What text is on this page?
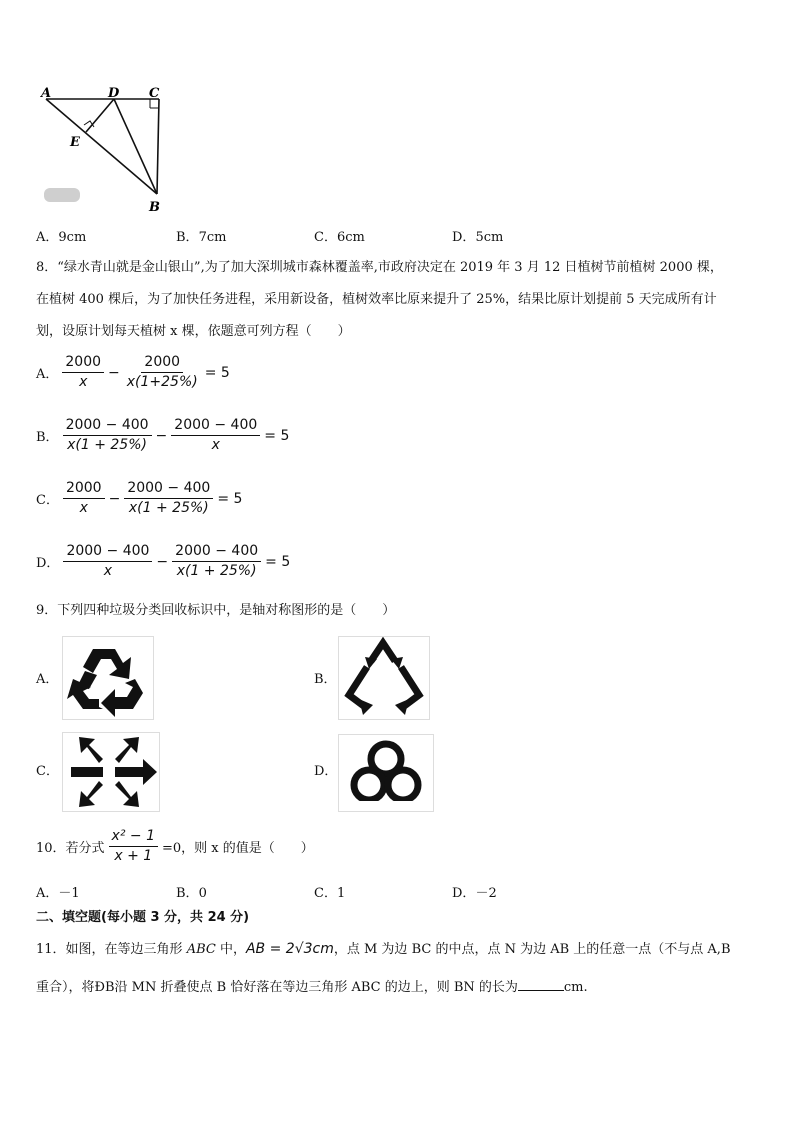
A	D C
E
B
A．9cm	B．7cm	C．6cm	D．5cm
8．“绿水青山就是金山银山”,为了加大深圳城市森林覆盖率,市政府决定在 2019 年 3 月 12 日植树节前植树 2000 棵，
在植树 400 棵后，为了加快任务进程，采用新设备，植树效率比原来提升了 25%，结果比原计划提前 5 天完成所有计
划，设原计划每天植树 x 棵，依题意可列方程（　　）
A． $\frac{2000}{x} - \frac{2000}{x(1+25\%)} = 5$
B． $\frac{2000 - 400}{x(1 + 25\%)} - \frac{2000 - 400}{x} = 5$
C． $\frac{2000}{x} - \frac{2000 - 400}{x(1 + 25\%)} = 5$
D． $\frac{2000 - 400}{x} - \frac{2000 - 400}{x(1 + 25\%)} = 5$
9．下列四种垃圾分类回收标识中，是轴对称图形的是（　　）
A．	B．
C．	D．
10．若分式 $\frac{\text{x² − 1}}{x + 1} =0$，则 x 的值是（　　）
A．－1	B．0	C．1	D．－2
二、填空题(每小题 3 分，共 24 分)
11．如图，在等边三角形 ABC 中，AB = 2√3cm，点 M 为边 BC 的中点，点 N 为边 AB 上的任意一点（不与点 A,B
重合），将ÐB沿 MN 折叠使点 B 恰好落在等边三角形 ABC 的边上，则 BN 的长为	cm.
